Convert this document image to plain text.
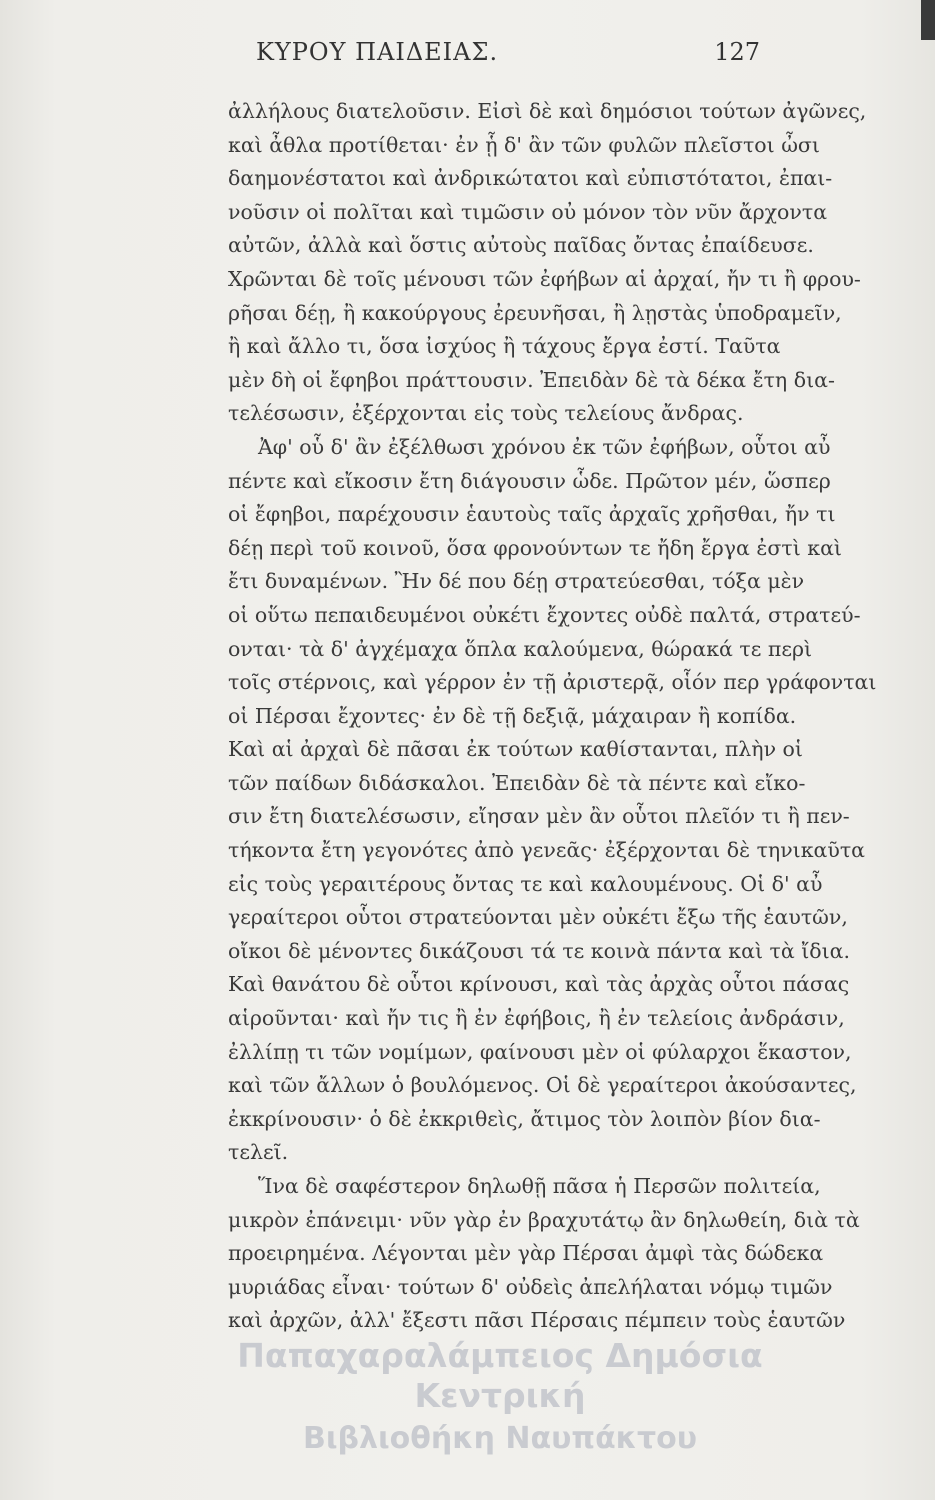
ΚΥΡΟΥ ΠΑΙΔΕΙΑΣ.	127
ἀλλήλους διατελοῦσιν. Εἰσὶ δὲ καὶ δημόσιοι τούτων ἀγῶνες,
καὶ ἆθλα προτίθεται· ἐν ᾗ δ' ἂν τῶν φυλῶν πλεῖστοι ὦσι
δαημονέστατοι καὶ ἀνδρικώτατοι καὶ εὐπιστότατοι, ἐπαι-
νοῦσιν οἱ πολῖται καὶ τιμῶσιν οὐ μόνον τὸν νῦν ἄρχοντα
αὐτῶν, ἀλλὰ καὶ ὅστις αὐτοὺς παῖδας ὄντας ἐπαίδευσε.
Χρῶνται δὲ τοῖς μένουσι τῶν ἐφήβων αἱ ἀρχαί, ἤν τι ἢ φρου-
ρῆσαι δέῃ, ἢ κακούργους ἐρευνῆσαι, ἢ λῃστὰς ὑποδραμεῖν,
ἢ καὶ ἄλλο τι, ὅσα ἰσχύος ἢ τάχους ἔργα ἐστί. Ταῦτα
μὲν δὴ οἱ ἔφηβοι πράττουσιν. Ἐπειδὰν δὲ τὰ δέκα ἔτη δια-
τελέσωσιν, ἐξέρχονται εἰς τοὺς τελείους ἄνδρας.
Ἀφ' οὗ δ' ἂν ἐξέλθωσι χρόνου ἐκ τῶν ἐφήβων, οὗτοι αὖ
πέντε καὶ εἴκοσιν ἔτη διάγουσιν ὧδε. Πρῶτον μέν, ὥσπερ
οἱ ἔφηβοι, παρέχουσιν ἑαυτοὺς ταῖς ἀρχαῖς χρῆσθαι, ἤν τι
δέῃ περὶ τοῦ κοινοῦ, ὅσα φρονούντων τε ἤδη ἔργα ἐστὶ καὶ
ἔτι δυναμένων. Ἢν δέ που δέῃ στρατεύεσθαι, τόξα μὲν
οἱ οὕτω πεπαιδευμένοι οὐκέτι ἔχοντες οὐδὲ παλτά, στρατεύ-
ονται· τὰ δ' ἀγχέμαχα ὅπλα καλούμενα, θώρακά τε περὶ
τοῖς στέρνοις, καὶ γέρρον ἐν τῇ ἀριστερᾷ, οἷόν περ γράφονται
οἱ Πέρσαι ἔχοντες· ἐν δὲ τῇ δεξιᾷ, μάχαιραν ἢ κοπίδα.
Καὶ αἱ ἀρχαὶ δὲ πᾶσαι ἐκ τούτων καθίστανται, πλὴν οἱ
τῶν παίδων διδάσκαλοι. Ἐπειδὰν δὲ τὰ πέντε καὶ εἴκο-
σιν ἔτη διατελέσωσιν, εἴησαν μὲν ἂν οὗτοι πλεῖόν τι ἢ πεν-
τήκοντα ἔτη γεγονότες ἀπὸ γενεᾶς· ἐξέρχονται δὲ τηνικαῦτα
εἰς τοὺς γεραιτέρους ὄντας τε καὶ καλουμένους. Οἱ δ' αὖ
γεραίτεροι οὗτοι στρατεύονται μὲν οὐκέτι ἔξω τῆς ἑαυτῶν,
οἴκοι δὲ μένοντες δικάζουσι τά τε κοινὰ πάντα καὶ τὰ ἴδια.
Καὶ θανάτου δὲ οὗτοι κρίνουσι, καὶ τὰς ἀρχὰς οὗτοι πάσας
αἱροῦνται· καὶ ἤν τις ἢ ἐν ἐφήβοις, ἢ ἐν τελείοις ἀνδράσιν,
ἐλλίπῃ τι τῶν νομίμων, φαίνουσι μὲν οἱ φύλαρχοι ἕκαστον,
καὶ τῶν ἄλλων ὁ βουλόμενος. Οἱ δὲ γεραίτεροι ἀκούσαντες,
ἐκκρίνουσιν· ὁ δὲ ἐκκριθεὶς, ἄτιμος τὸν λοιπὸν βίον δια-
τελεῖ.
Ἵνα δὲ σαφέστερον δηλωθῇ πᾶσα ἡ Περσῶν πολιτεία,
μικρὸν ἐπάνειμι· νῦν γὰρ ἐν βραχυτάτῳ ἂν δηλωθείη, διὰ τὰ
προειρημένα. Λέγονται μὲν γὰρ Πέρσαι ἀμφὶ τὰς δώδεκα
μυριάδας εἶναι· τούτων δ' οὐδεὶς ἀπελήλαται νόμῳ τιμῶν
καὶ ἀρχῶν, ἀλλ' ἔξεστι πᾶσι Πέρσαις πέμπειν τοὺς ἑαυτῶν
Παπαχαραλάμπειος Δημόσια Κεντρική
Βιβλιοθήκη Ναυπάκτου
